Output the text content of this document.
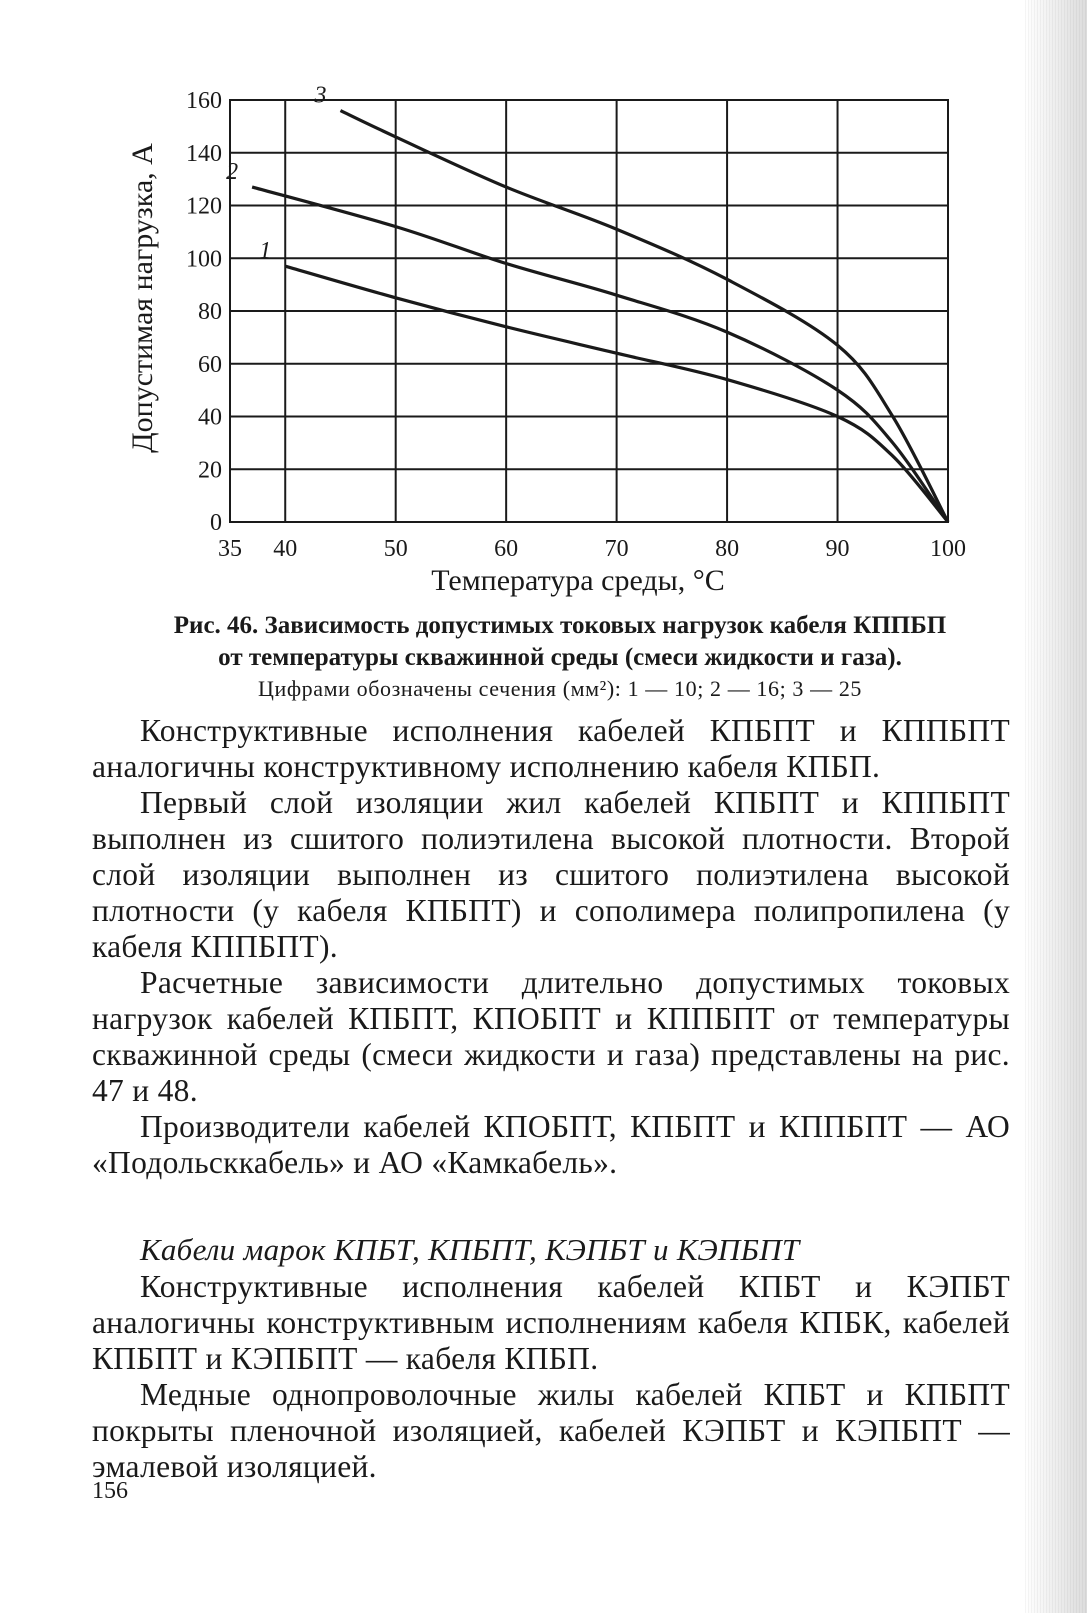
35 40	50	60	70	80	90	100
0
20
40
60
80
100
120
140
160
1
2
3
Температура среды, °С
Допустимая нагрузка, А
Рис. 46. Зависимость допустимых токовых нагрузок кабеля КППБП
от температуры скважинной среды (смеси жидкости и газа).
Цифрами обозначены сечения (мм²): 1 — 10; 2 — 16; 3 — 25

Конструктивные исполнения кабелей КПБПТ и КППБПТ аналогичны конструктивному исполнению кабеля КПБП.

Первый слой изоляции жил кабелей КПБПТ и КППБПТ выполнен из сшитого полиэтилена высокой плотности. Второй слой изоляции выполнен из сшитого полиэтилена высокой плотности (у кабеля КПБПТ) и сополимера полипропилена (у кабеля КППБПТ).

Расчетные зависимости длительно допустимых токовых нагрузок кабелей КПБПТ, КПОБПТ и КППБПТ от температуры скважинной среды (смеси жидкости и газа) представлены на рис. 47 и 48.

Производители кабелей КПОБПТ, КПБПТ и КППБПТ — АО «Подольсккабель» и АО «Камкабель».

Кабели марок КПБТ, КПБПТ, КЭПБТ и КЭПБПТ

Конструктивные исполнения кабелей КПБТ и КЭПБТ аналогичны конструктивным исполнениям кабеля КПБК, кабелей КПБПТ и КЭПБПТ — кабеля КПБП.

Медные однопроволочные жилы кабелей КПБТ и КПБПТ покрыты пленочной изоляцией, кабелей КЭПБТ и КЭПБПТ — эмалевой изоляцией.

156
